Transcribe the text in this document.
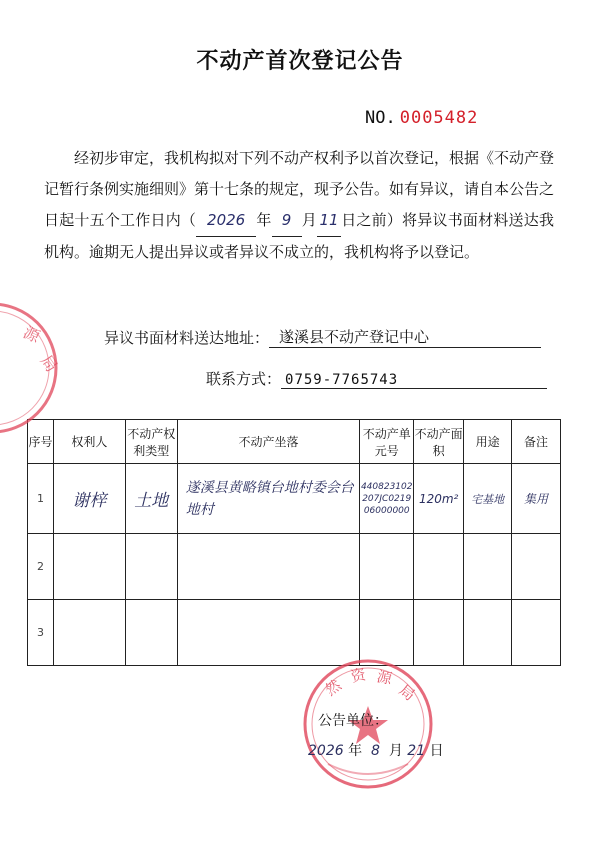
不动产首次登记公告
NO. 0005482
经初步审定，我机构拟对下列不动产权利予以首次登记，根据《不动产登记暂行条例实施细则》第十七条的规定，现予公告。如有异议，请自本公告之日起十五个工作日内（ 2026 年 9 月 11 日之前）将异议书面材料送达我机构。逾期无人提出异议或者异议不成立的，我机构将予以登记。
异议书面材料送达地址： 遂溪县不动产登记中心
联系方式： 0759-7765743
序号	权利人	不动产权利类型	不动产坐落	不动产单元号	不动产面 积	用途	备注
1	谢梓	土地	遂溪县黄略镇台地村委会台地村	440823102207JC021906000000	120m²	宅基地	集用
2							
3							
源
局
然
资 源
局
公告单位：
2026 年 8 月 21 日
